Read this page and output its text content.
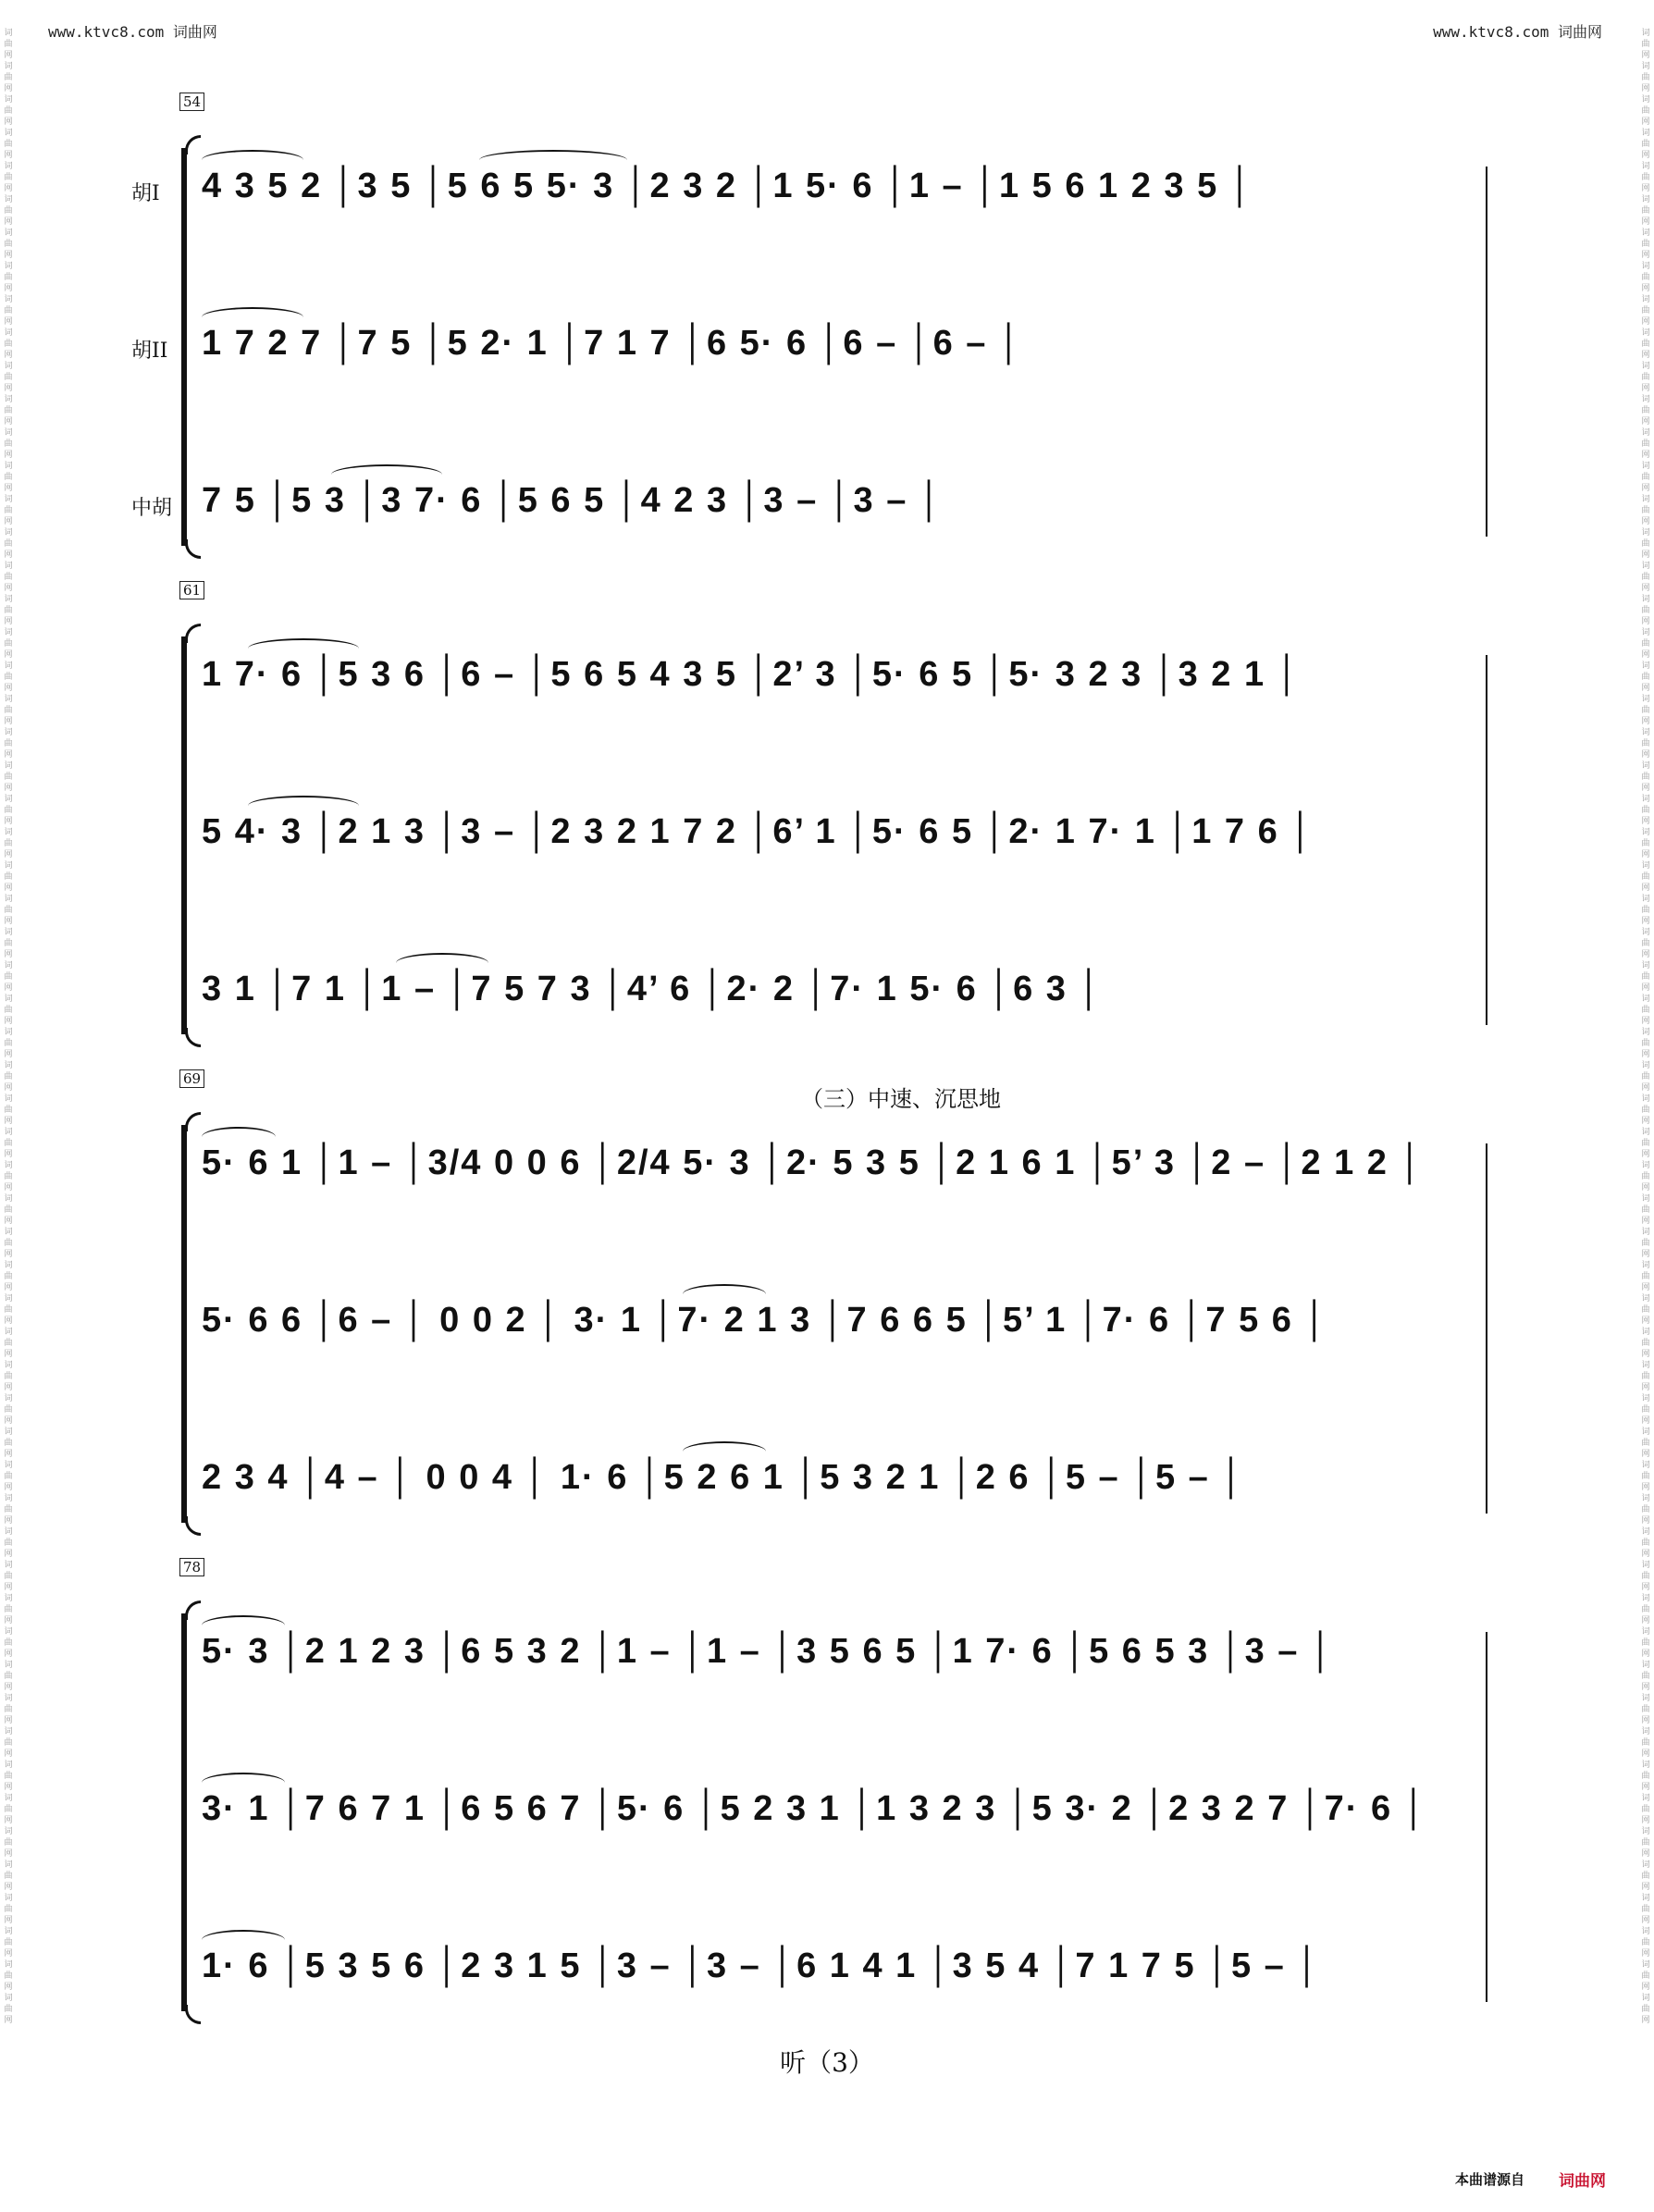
www.ktvc8.com 词曲网	www.ktvc8.com 词曲网
词曲网 词曲网 词曲网 词曲网 词曲网 词曲网 词曲网 词曲网 词曲网 词曲网 词曲网 词曲网 词曲网 词曲网 词曲网 词曲网 词曲网 词曲网 词曲网 词曲网 词曲网 词曲网 词曲网 词曲网 词曲网 词曲网 词曲网 词曲网 词曲网 词曲网 词曲网 词曲网 词曲网 词曲网 词曲网 词曲网 词曲网 词曲网 词曲网 词曲网 词曲网 词曲网 词曲网 词曲网 词曲网 词曲网 词曲网 词曲网 词曲网 词曲网 词曲网 词曲网 词曲网 词曲网 词曲网 词曲网 词曲网 词曲网 词曲网 词曲网
词曲网 词曲网 词曲网 词曲网 词曲网 词曲网 词曲网 词曲网 词曲网 词曲网 词曲网 词曲网 词曲网 词曲网 词曲网 词曲网 词曲网 词曲网 词曲网 词曲网 词曲网 词曲网 词曲网 词曲网 词曲网 词曲网 词曲网 词曲网 词曲网 词曲网 词曲网 词曲网 词曲网 词曲网 词曲网 词曲网 词曲网 词曲网 词曲网 词曲网 词曲网 词曲网 词曲网 词曲网 词曲网 词曲网 词曲网 词曲网 词曲网 词曲网 词曲网 词曲网 词曲网 词曲网 词曲网 词曲网 词曲网 词曲网 词曲网 词曲网
54
胡I 4 3 5 2 │3 5 │5 6 5 5· 3 │2 3 2 │1 5· 6 │1 – │1 5 6 1 2 3 5 │
胡II 1 7 2 7 │7 5 │5 2· 1 │7 1 7 │6 5· 6 │6 – │6 – │
中胡 7 5 │5 3 │3 7· 6 │5 6 5 │4 2 3 │3 – │3 – │
61
1 7· 6 │5 3 6 │6 – │5 6 5 4 3 5 │2’ 3 │5· 6 5 │5· 3 2 3 │3 2 1 │
5 4· 3 │2 1 3 │3 – │2 3 2 1 7 2 │6’ 1 │5· 6 5 │2· 1 7· 1 │1 7 6 │
3 1 │7 1 │1 – │7 5 7 3 │4’ 6 │2· 2 │7· 1 5· 6 │6 3 │
69
（三）中速、沉思地
5· 6 1 │1 – │3/4 0 0 6 │2/4 5· 3 │2· 5 3 5 │2 1 6 1 │5’ 3 │2 – │2 1 2 │
5· 6 6 │6 – │ 0 0 2 │ 3· 1 │7· 2 1 3 │7 6 6 5 │5’ 1 │7· 6 │7 5 6 │
2 3 4 │4 – │ 0 0 4 │ 1· 6 │5 2 6 1 │5 3 2 1 │2 6 │5 – │5 – │
78
5· 3 │2 1 2 3 │6 5 3 2 │1 – │1 – │3 5 6 5 │1 7· 6 │5 6 5 3 │3 – │
3· 1 │7 6 7 1 │6 5 6 7 │5· 6 │5 2 3 1 │1 3 2 3 │5 3· 2 │2 3 2 7 │7· 6 │
1· 6 │5 3 5 6 │2 3 1 5 │3 – │3 – │6 1 4 1 │3 5 4 │7 1 7 5 │5 – │
听（3）
本曲谱源自 词曲网
